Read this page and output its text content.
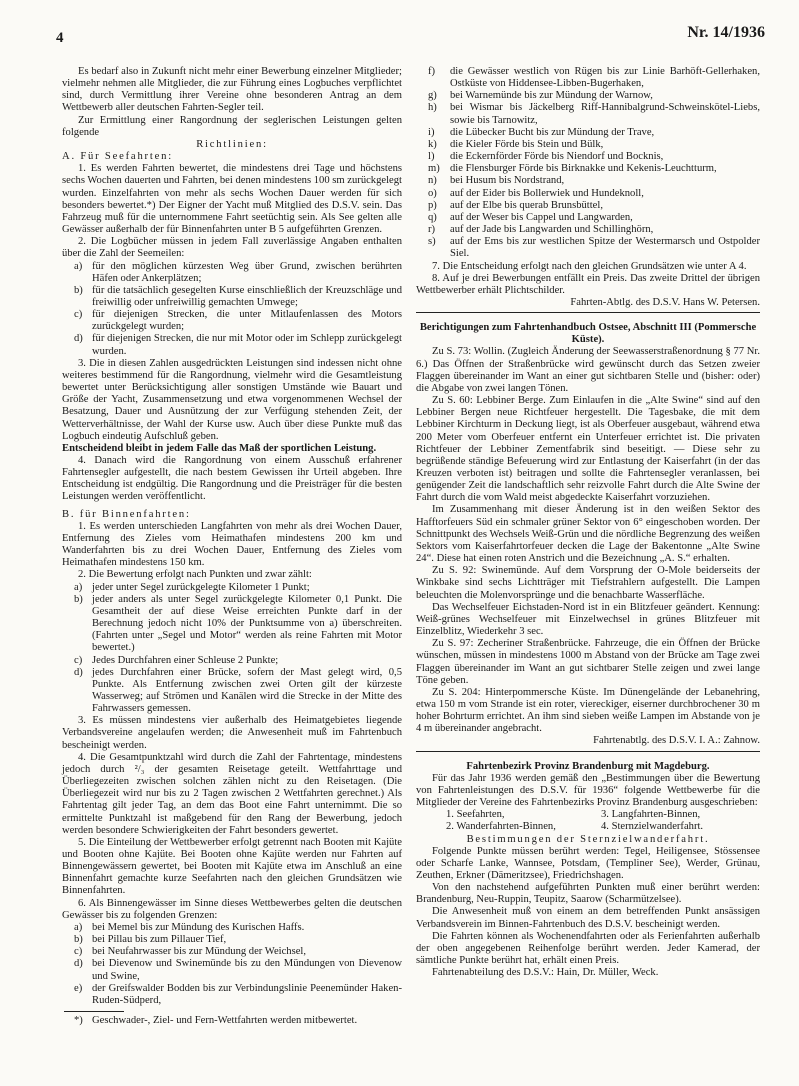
4	Nr. 14/1936

Es bedarf also in Zukunft nicht mehr einer Bewerbung einzelner Mitglieder; vielmehr nehmen alle Mitglieder, die zur Führung eines Logbuches verpflichtet sind, durch Vermittlung ihrer Vereine ohne besonderen Antrag an dem Wettbewerb aller deutschen Fahrten-Segler teil.

Zur Ermittlung einer Rangordnung der seglerischen Leistungen gelten folgende

Richtlinien:

A. Für Seefahrten:

1. Es werden Fahrten bewertet, die mindestens drei Tage und höchstens sechs Wochen dauerten und Fahrten, bei denen mindestens 100 sm zurückgelegt wurden. Einzelfahrten von mehr als sechs Wochen Dauer werden für sich besonders bewertet.*) Der Eigner der Yacht muß Mitglied des D.S.V. sein. Das Fahrzeug muß für die unternommene Fahrt seetüchtig sein. Als See gelten alle Gewässer außerhalb der für Binnenfahrten unter B 5 aufgeführten Grenzen.

2. Die Logbücher müssen in jedem Fall zuverlässige Angaben enthalten über die Zahl der Seemeilen:

a) für den möglichen kürzesten Weg über Grund, zwischen berührten Häfen oder Ankerplätzen;
b) für die tatsächlich gesegelten Kurse einschließlich der Kreuzschläge und freiwillig oder unfreiwillig gemachten Umwege;
c) für diejenigen Strecken, die unter Mitlaufenlassen des Motors zurückgelegt wurden;
d) für diejenigen Strecken, die nur mit Motor oder im Schlepp zurückgelegt wurden.

3. Die in diesen Zahlen ausgedrückten Leistungen sind indessen nicht ohne weiteres bestimmend für die Rangordnung, vielmehr wird die Gesamtleistung bewertet unter Berücksichtigung aller sonstigen Umstände wie Bauart und Größe der Yacht, Zusammensetzung und etwa vorgenommenen Wechsel der Besatzung, Dauer und Ausnützung der zur Verfügung stehenden Zeit, der Wetterverhältnisse, der Wahl der Kurse usw. Auch über diese Punkte muß das Logbuch eindeutig Aufschluß geben.

Entscheidend bleibt in jedem Falle das Maß der sportlichen Leistung.

4. Danach wird die Rangordnung von einem Ausschuß erfahrener Fahrtensegler aufgestellt, die nach bestem Gewissen ihr Urteil abgeben. Ihre Entscheidung ist endgültig. Die Rangordnung und die Preisträger für die besten Leistungen werden veröffentlicht.

B. für Binnenfahrten:

1. Es werden unterschieden Langfahrten von mehr als drei Wochen Dauer, Entfernung des Zieles vom Heimathafen mindestens 200 km und Wanderfahrten bis zu drei Wochen Dauer, Entfernung des Zieles vom Heimathafen mindestens 150 km.

2. Die Bewertung erfolgt nach Punkten und zwar zählt:

a) jeder unter Segel zurückgelegte Kilometer 1 Punkt;
b) jeder anders als unter Segel zurückgelegte Kilometer 0,1 Punkt. Die Gesamtheit der auf diese Weise erreichten Punkte darf in der Berechnung jedoch nicht 10% der Punktsumme von a) überschreiten. (Fahrten unter „Segel und Motor“ werden als reine Fahrten mit Motor bewertet.)
c) Jedes Durchfahren einer Schleuse 2 Punkte;
d) jedes Durchfahren einer Brücke, sofern der Mast gelegt wird, 0,5 Punkte. Als Entfernung zwischen zwei Orten gilt der kürzeste Wasserweg; auf Strömen und Kanälen wird die Strecke in der Mitte des Fahrwassers gemessen.

3. Es müssen mindestens vier außerhalb des Heimatgebietes liegende Verbandsvereine angelaufen werden; die Anwesenheit muß im Fahrtenbuch bescheinigt werden.

4. Die Gesamtpunktzahl wird durch die Zahl der Fahrtentage, mindestens jedoch durch ²/₃ der gesamten Reisetage geteilt. Wettfahrttage und Überliegezeiten zwischen solchen zählen nicht zu den Reisetagen. (Die Überliegezeit wird nur bis zu 2 Tagen zwischen 2 Wettfahrten gerechnet.) Als Fahrtentag gilt jeder Tag, an dem das Boot eine Fahrt unternimmt. Die so ermittelte Punktzahl ist maßgebend für den Rang der Bewerbung, jedoch werden besondere Schwierigkeiten der Fahrt besonders gewertet.

5. Die Einteilung der Wettbewerber erfolgt getrennt nach Booten mit Kajüte und Booten ohne Kajüte. Bei Booten ohne Kajüte werden nur Fahrten auf Binnengewässern gewertet, bei Booten mit Kajüte etwa im Anschluß an eine Binnenfahrt gemachte kurze Seefahrten nach den gleichen Grundsätzen wie Binnenfahrten.

6. Als Binnengewässer im Sinne dieses Wettbewerbes gelten die deutschen Gewässer bis zu folgenden Grenzen:

a) bei Memel bis zur Mündung des Kurischen Haffs.
b) bei Pillau bis zum Pillauer Tief,
c) bei Neufahrwasser bis zur Mündung der Weichsel,
d) bei Dievenow und Swinemünde bis zu den Mündungen von Dievenow und Swine,
e) der Greifswalder Bodden bis zur Verbindungslinie Peenemünder Haken-Ruden-Südperd,
*) Geschwader-, Ziel- und Fern-Wettfahrten werden mitbewertet.
f)	die Gewässer westlich von Rügen bis zur Linie Barhöft-Gellerhaken, Ostküste von Hiddensee-Libben-Bugerhaken,
g)	bei Warnemünde bis zur Mündung der Warnow,
h)	bei Wismar bis Jäckelberg Riff-Hannibalgrund-Schweinskötel-Liebs, sowie bis Tarnowitz,
i)	die Lübecker Bucht bis zur Mündung der Trave,
k)	die Kieler Förde bis Stein und Bülk,
l)	die Eckernförder Förde bis Niendorf und Bocknis,
m) die Flensburger Förde bis Birknakke und Kekenis-Leuchtturm,
n)	bei Husum bis Nordstrand,
o)	auf der Eider bis Bollerwiek und Hundeknoll,
p)	auf der Elbe bis querab Brunsbüttel,
q)	auf der Weser bis Cappel und Langwarden,
r)	auf der Jade bis Langwarden und Schillinghörn,
s)	auf der Ems bis zur westlichen Spitze der Westermarsch und Ostpolder Siel.

7. Die Entscheidung erfolgt nach den gleichen Grundsätzen wie unter A 4.

8. Auf je drei Bewerbungen entfällt ein Preis. Das zweite Drittel der übrigen Wettbewerber erhält Plichtschilder.

Fahrten-Abtlg. des D.S.V. Hans W. Petersen.

Berichtigungen zum Fahrtenhandbuch Ostsee, Abschnitt III (Pommersche Küste).

Zu S. 73: Wollin. (Zugleich Änderung der Seewasserstraßenordnung § 77 Nr. 6.) Das Öffnen der Straßenbrücke wird gewünscht durch das Setzen zweier Flaggen übereinander im Want an einer gut sichtbaren Stelle und (bisher: oder) die Abgabe von zwei langen Tönen.

Zu S. 60: Lebbiner Berge. Zum Einlaufen in die „Alte Swine“ sind auf den Lebbiner Bergen neue Richtfeuer hergestellt. Die Tagesbake, die mit dem Lebbiner Kirchturm in Deckung liegt, ist als Oberfeuer ausgebaut, während etwa 200 Meter vom Oberfeuer entfernt ein Unterfeuer errichtet ist. Die privaten Richtfeuer der Lebbiner Zementfabrik sind beseitigt. — Diese sehr zu begrüßende ständige Befeuerung wird zur Entlastung der Kaiserfahrt (in der das Kreuzen verboten ist) beitragen und sollte die Fahrtensegler veranlassen, bei genügender Zeit die landschaftlich sehr reizvolle Fahrt durch die Alte Swine der Fahrt durch die vom Wald meist abgedeckte Kaiserfahrt vorzuziehen.

Im Zusammenhang mit dieser Änderung ist in den weißen Sektor des Hafftorfeuers Süd ein schmaler grüner Sektor von 6° eingeschoben worden. Der Schnittpunkt des Wechsels Weiß-Grün und die nördliche Begrenzung des weißen Sektors vom Kaiserfahrtorfeuer decken die Lage der Bakentonne „Alte Swine 24“. Diese hat einen roten Anstrich und die Bezeichnung „A. S.“ erhalten.

Zu S. 92: Swinemünde. Auf dem Vorsprung der O-Mole beiderseits der Winkbake sind sechs Lichtträger mit Tiefstrahlern aufgestellt. Die Lampen beleuchten die Molenvorsprünge und die benachbarte Wasserfläche.

Das Wechselfeuer Eichstaden-Nord ist in ein Blitzfeuer geändert. Kennung: Weiß-grünes Wechselfeuer mit Einzelwechsel in grünes Blitzfeuer mit Einzelblitz, Wiederkehr 3 sec.

Zu S. 97: Zecheriner Straßenbrücke. Fahrzeuge, die ein Öffnen der Brücke wünschen, müssen in mindestens 1000 m Abstand von der Brücke am Tage zwei Flaggen übereinander im Want an gut sichtbarer Stelle zeigen und zwei lange Töne geben.

Zu S. 204: Hinterpommersche Küste. Im Dünengelände der Lebanehring, etwa 150 m vom Strande ist ein roter, viereckiger, eiserner durchbrochener 30 m hoher Bohrturm errichtet. An ihm sind sieben weiße Lampen im Abstande von je 4 m übereinander angebracht.

Fahrtenabtlg. des D.S.V. I. A.: Zahnow.

Fahrtenbezirk Provinz Brandenburg mit Magdeburg.

Für das Jahr 1936 werden gemäß den „Bestimmungen über die Bewertung von Fahrtenleistungen des D.S.V. für 1936“ folgende Wettbewerbe für die Mitglieder der Vereine des Fahrtenbezirks Provinz Brandenburg ausgeschrieben:

1. Seefahrten,	3. Langfahrten-Binnen,
2. Wanderfahrten-Binnen,	4. Sternzielwanderfahrt.

Bestimmungen der Sternzielwanderfahrt.

Folgende Punkte müssen berührt werden: Tegel, Heiligensee, Stössensee oder Scharfe Lanke, Wannsee, Potsdam, (Templiner See), Werder, Grünau, Zeuthen, Erkner (Dämeritzsee), Friedrichshagen.

Von den nachstehend aufgeführten Punkten muß einer berührt werden: Brandenburg, Neu-Ruppin, Teupitz, Saarow (Scharmützelsee).

Die Anwesenheit muß von einem an dem betreffenden Punkt ansässigen Verbandsverein im Binnen-Fahrtenbuch des D.S.V. bescheinigt werden.

Die Fahrten können als Wochenendfahrten oder als Ferienfahrten außerhalb der oben angegebenen Reihenfolge berührt werden. Jeder Kamerad, der sämtliche Punkte berührt hat, erhält einen Preis.

Fahrtenabteilung des D.S.V.: Hain, Dr. Müller, Weck.
